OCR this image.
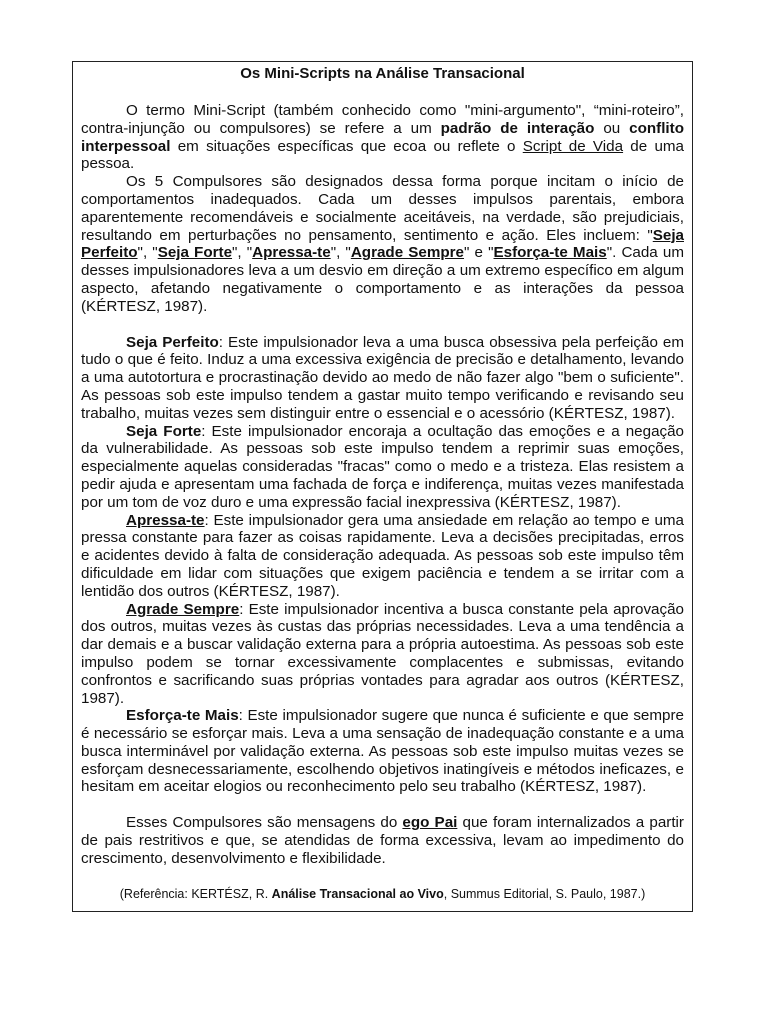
Os Mini-Scripts na Análise Transacional

O termo Mini-Script (também conhecido como "mini-argumento", “mini-roteiro”, contra-injunção ou compulsores) se refere a um padrão de interação ou conflito interpessoal em situações específicas que ecoa ou reflete o Script de Vida de uma pessoa.

Os 5 Compulsores são designados dessa forma porque incitam o início de comportamentos inadequados. Cada um desses impulsos parentais, embora aparentemente recomendáveis e socialmente aceitáveis, na verdade, são prejudiciais, resultando em perturbações no pensamento, sentimento e ação. Eles incluem: "Seja Perfeito", "Seja Forte", "Apressa-te", "Agrade Sempre" e "Esforça-te Mais". Cada um desses impulsionadores leva a um desvio em direção a um extremo específico em algum aspecto, afetando negativamente o comportamento e as interações da pessoa (KÉRTESZ, 1987).

Seja Perfeito: Este impulsionador leva a uma busca obsessiva pela perfeição em tudo o que é feito. Induz a uma excessiva exigência de precisão e detalhamento, levando a uma autotortura e procrastinação devido ao medo de não fazer algo "bem o suficiente". As pessoas sob este impulso tendem a gastar muito tempo verificando e revisando seu trabalho, muitas vezes sem distinguir entre o essencial e o acessório (KÉRTESZ, 1987).

Seja Forte: Este impulsionador encoraja a ocultação das emoções e a negação da vulnerabilidade. As pessoas sob este impulso tendem a reprimir suas emoções, especialmente aquelas consideradas "fracas" como o medo e a tristeza. Elas resistem a pedir ajuda e apresentam uma fachada de força e indiferença, muitas vezes manifestada por um tom de voz duro e uma expressão facial inexpressiva (KÉRTESZ, 1987).

Apressa-te: Este impulsionador gera uma ansiedade em relação ao tempo e uma pressa constante para fazer as coisas rapidamente. Leva a decisões precipitadas, erros e acidentes devido à falta de consideração adequada. As pessoas sob este impulso têm dificuldade em lidar com situações que exigem paciência e tendem a se irritar com a lentidão dos outros (KÉRTESZ, 1987).

Agrade Sempre: Este impulsionador incentiva a busca constante pela aprovação dos outros, muitas vezes às custas das próprias necessidades. Leva a uma tendência a dar demais e a buscar validação externa para a própria autoestima. As pessoas sob este impulso podem se tornar excessivamente complacentes e submissas, evitando confrontos e sacrificando suas próprias vontades para agradar aos outros (KÉRTESZ, 1987).

Esforça-te Mais: Este impulsionador sugere que nunca é suficiente e que sempre é necessário se esforçar mais. Leva a uma sensação de inadequação constante e a uma busca interminável por validação externa. As pessoas sob este impulso muitas vezes se esforçam desnecessariamente, escolhendo objetivos inatingíveis e métodos ineficazes, e hesitam em aceitar elogios ou reconhecimento pelo seu trabalho (KÉRTESZ, 1987).

Esses Compulsores são mensagens do ego Pai que foram internalizados a partir de pais restritivos e que, se atendidas de forma excessiva, levam ao impedimento do crescimento, desenvolvimento e flexibilidade.

(Referência: KERTÉSZ, R. Análise Transacional ao Vivo, Summus Editorial, S. Paulo, 1987.)
